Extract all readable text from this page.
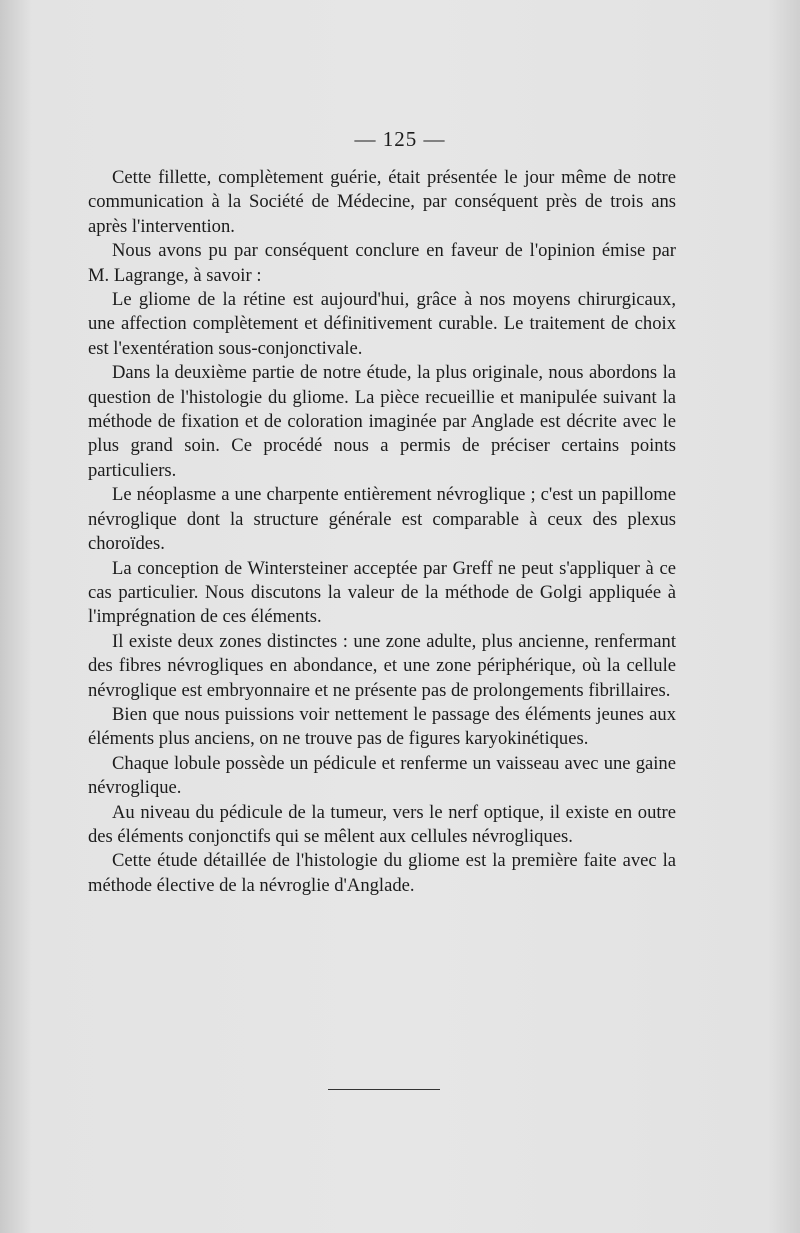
— 125 —

Cette fillette, complètement guérie, était présentée le jour même de notre communication à la Société de Médecine, par conséquent près de trois ans après l'intervention.

Nous avons pu par conséquent conclure en faveur de l'opinion émise par M. Lagrange, à savoir :

Le gliome de la rétine est aujourd'hui, grâce à nos moyens chirurgicaux, une affection complètement et définitivement curable. Le traitement de choix est l'exentération sous-conjonctivale.

Dans la deuxième partie de notre étude, la plus originale, nous abordons la question de l'histologie du gliome. La pièce recueillie et manipulée suivant la méthode de fixation et de coloration imaginée par Anglade est décrite avec le plus grand soin. Ce procédé nous a permis de préciser certains points particuliers.

Le néoplasme a une charpente entièrement névroglique ; c'est un papillome névroglique dont la structure générale est comparable à ceux des plexus choroïdes.

La conception de Wintersteiner acceptée par Greff ne peut s'appliquer à ce cas particulier. Nous discutons la valeur de la méthode de Golgi appliquée à l'imprégnation de ces éléments.

Il existe deux zones distinctes : une zone adulte, plus ancienne, renfermant des fibres névrogliques en abondance, et une zone périphérique, où la cellule névroglique est embryonnaire et ne présente pas de prolongements fibrillaires.

Bien que nous puissions voir nettement le passage des éléments jeunes aux éléments plus anciens, on ne trouve pas de figures karyokinétiques.

Chaque lobule possède un pédicule et renferme un vaisseau avec une gaine névroglique.

Au niveau du pédicule de la tumeur, vers le nerf optique, il existe en outre des éléments conjonctifs qui se mêlent aux cellules névrogliques.

Cette étude détaillée de l'histologie du gliome est la première faite avec la méthode élective de la névroglie d'Anglade.
